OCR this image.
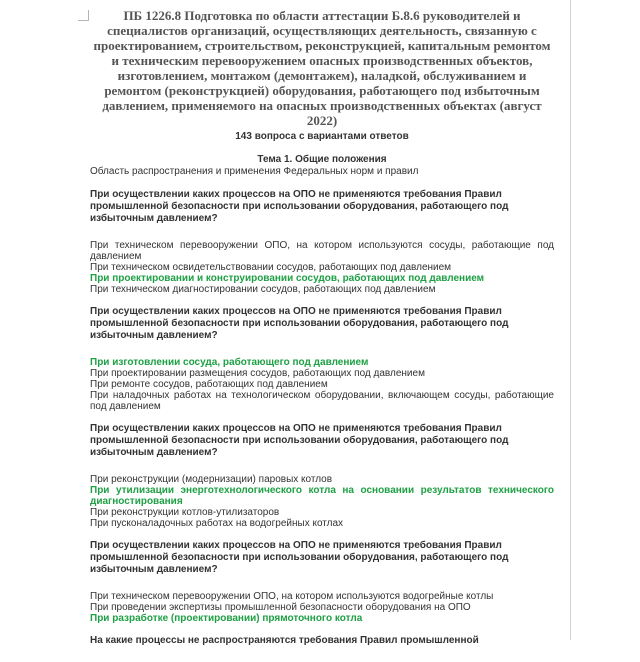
ПБ 1226.8 Подготовка по области аттестации Б.8.6 руководителей и специалистов организаций, осуществляющих деятельность, связанную с проектированием, строительством, реконструкцией, капитальным ремонтом и техническим перевооружением опасных производственных объектов, изготовлением, монтажом (демонтажем), наладкой, обслуживанием и ремонтом (реконструкцией) оборудования, работающего под избыточным давлением, применяемого на опасных производственных объектах (август 2022)

143 вопроса с вариантами ответов

Тема 1. Общие положения

Область распространения и применения Федеральных норм и правил

При осуществлении каких процессов на ОПО не применяются требования Правил промышленной безопасности при использовании оборудования, работающего под избыточным давлением?

При техническом перевооружении ОПО, на котором используются сосуды, работающие под давлением
При техническом освидетельствовании сосудов, работающих под давлением
При проектировании и конструировании сосудов, работающих под давлением
При техническом диагностировании сосудов, работающих под давлением

При осуществлении каких процессов на ОПО не применяются требования Правил промышленной безопасности при использовании оборудования, работающего под избыточным давлением?

При изготовлении сосуда, работающего под давлением
При проектировании размещения сосудов, работающих под давлением
При ремонте сосудов, работающих под давлением
При наладочных работах на технологическом оборудовании, включающем сосуды, работающие под давлением

При осуществлении каких процессов на ОПО не применяются требования Правил промышленной безопасности при использовании оборудования, работающего под избыточным давлением?

При реконструкции (модернизации) паровых котлов
При утилизации энерготехнологического котла на основании результатов технического диагностирования
При реконструкции котлов-утилизаторов
При пусконаладочных работах на водогрейных котлах

При осуществлении каких процессов на ОПО не применяются требования Правил промышленной безопасности при использовании оборудования, работающего под избыточным давлением?

При техническом перевооружении ОПО, на котором используются водогрейные котлы
При проведении экспертизы промышленной безопасности оборудования на ОПО
При разработке (проектировании) прямоточного котла

На какие процессы не распространяются требования Правил промышленной
